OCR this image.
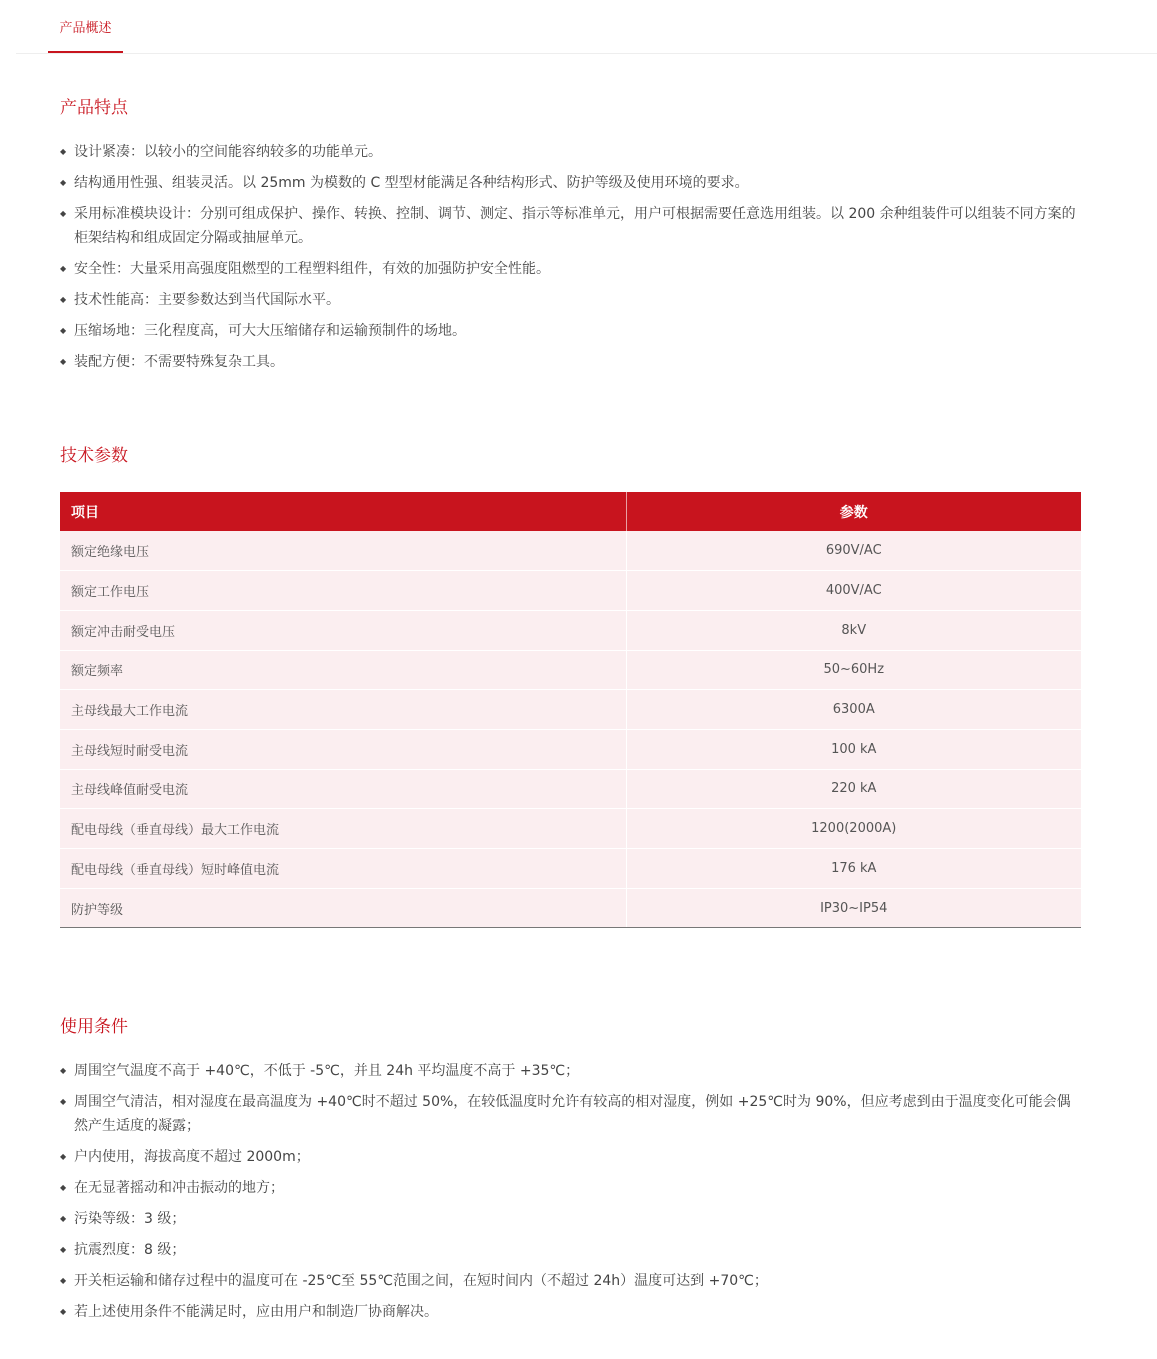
产品概述
产品特点
◆ 设计紧凑：以较小的空间能容纳较多的功能单元。
◆ 结构通用性强、组装灵活。以 25mm 为模数的 C 型型材能满足各种结构形式、防护等级及使用环境的要求。
◆ 采用标准模块设计：分别可组成保护、操作、转换、控制、调节、测定、指示等标准单元，用户可根据需要任意选用组装。以 200 余种组装件可以组装不同方案的柜架结构和组成固定分隔或抽屉单元。
◆ 安全性：大量采用高强度阻燃型的工程塑料组件，有效的加强防护安全性能。
◆ 技术性能高：主要参数达到当代国际水平。
◆ 压缩场地：三化程度高，可大大压缩储存和运输预制件的场地。
◆ 装配方便：不需要特殊复杂工具。
技术参数
项目	参数
额定绝缘电压	690V/AC
额定工作电压	400V/AC
额定冲击耐受电压	8kV
额定频率	50~60Hz
主母线最大工作电流	6300A
主母线短时耐受电流	100 kA
主母线峰值耐受电流	220 kA
配电母线（垂直母线）最大工作电流	1200(2000A)
配电母线（垂直母线）短时峰值电流	176 kA
防护等级	IP30~IP54
使用条件
◆ 周围空气温度不高于 +40℃，不低于 -5℃，并且 24h 平均温度不高于 +35℃；
◆ 周围空气清洁，相对湿度在最高温度为 +40℃时不超过 50%，在较低温度时允许有较高的相对湿度，例如 +25℃时为 90%，但应考虑到由于温度变化可能会偶然产生适度的凝露；
◆ 户内使用，海拔高度不超过 2000m；
◆ 在无显著摇动和冲击振动的地方；
◆ 污染等级：3 级；
◆ 抗震烈度：8 级；
◆ 开关柜运输和储存过程中的温度可在 -25℃至 55℃范围之间，在短时间内（不超过 24h）温度可达到 +70℃；
◆ 若上述使用条件不能满足时，应由用户和制造厂协商解决。
